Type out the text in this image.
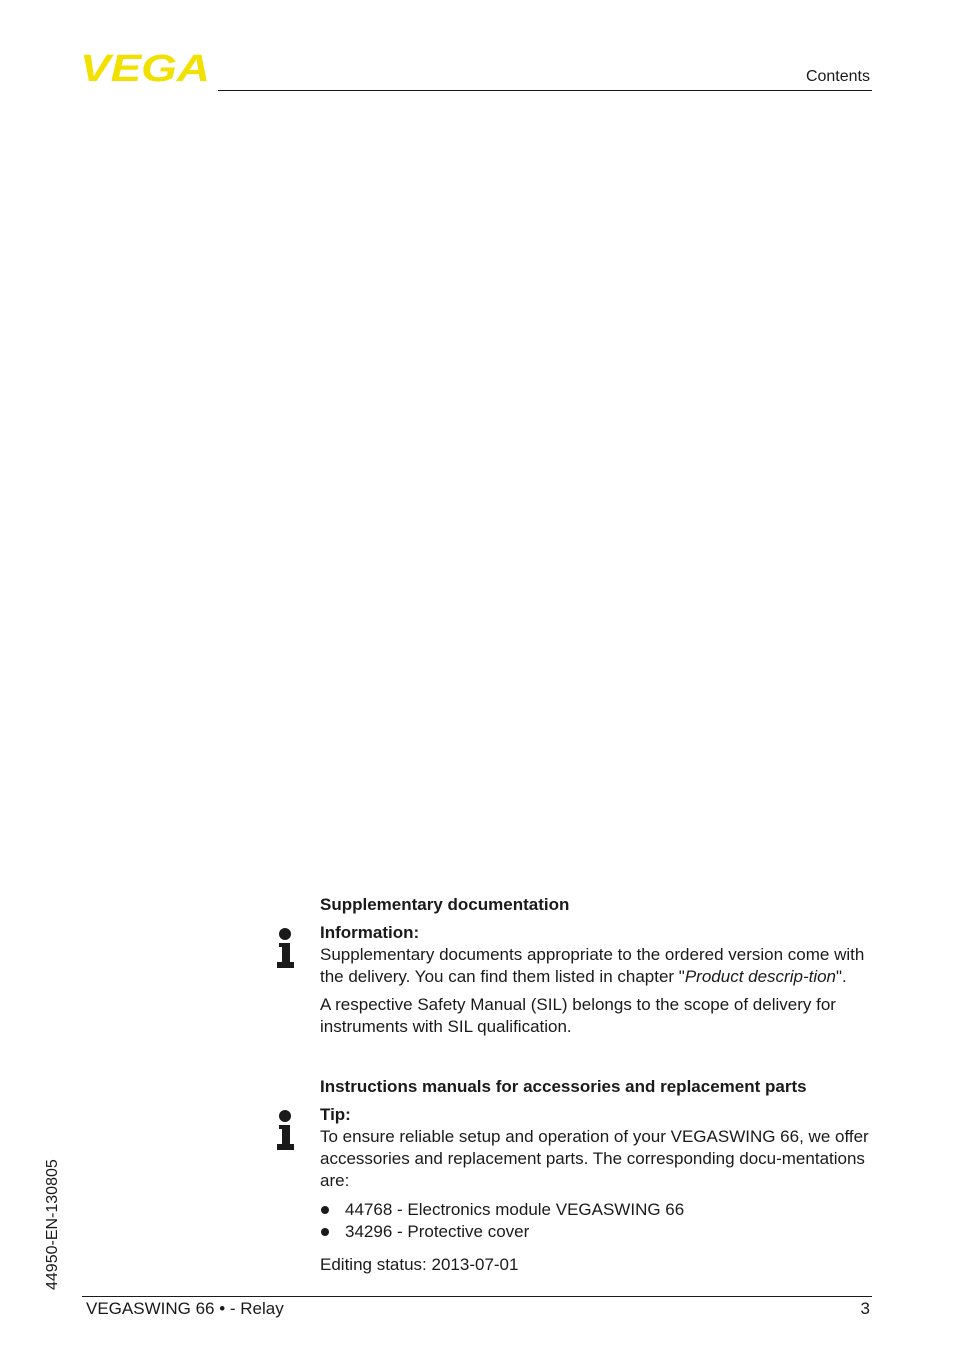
VEGA	Contents
Supplementary documentation
Information:

Supplementary documents appropriate to the ordered version come with the delivery. You can find them listed in chapter "Product descrip-tion".

A respective Safety Manual (SIL) belongs to the scope of delivery for instruments with SIL qualification.

Instructions manuals for accessories and replacement parts
Tip:

To ensure reliable setup and operation of your VEGASWING 66, we offer accessories and replacement parts. The corresponding docu-mentations are:

44768 - Electronics module VEGASWING 66
34296 - Protective cover
Editing status: 2013-07-01
44950-EN-130805
VEGASWING 66 • - Relay	3
